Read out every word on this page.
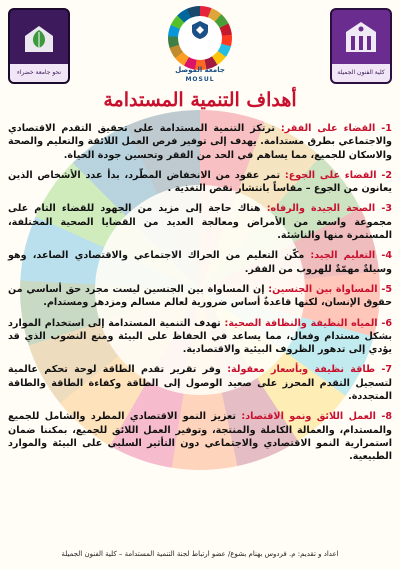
كلية الفنون الجميلة
جامعة الموصل
MOSUL
نحو جامعة خضراء
أهداف التنمية المستدامة

1- القضاء على الفقر: ترتكز التنمية المستدامة على تحقيق التقدم الاقتصادي والاجتماعي بطرق مستدامة. يهدف إلى توفير فرص العمل اللائقة والتعليم والصحة والاسكان للجميع، مما يساهم في الحد من الفقر وتحسين جودة الحياة.

2- القضاء على الجوع: تمر عقود من الانخفاض المطّرد، بدأ عدد الأشخاص الذين يعانون من الجوع – مقاساً بانتشار نقص التغذية .

3- الصحة الجيدة والرفاه: هناك حاجة إلى مزيد من الجهود للقضاء التام على مجموعة واسعة من الأمراض ومعالجة العديد من القضايا الصحية المختلفة، المستمرة منها والناشئة.

4- التعليم الجيد: مكّن التعليم من الحراك الاجتماعي والاقتصادي الصاعد، وهو وسيلةٌ مهمّةٌ للهروب من الفقر.

5- المساواة بين الجنسين: إن المساواة بين الجنسين ليست مجرد حق أساسي من حقوق الإنسان، لكنها قاعدةٌ أساس ضرورية لعالم مسالم ومزدهر ومستدام.

6- المياه النظيفة والنظافة الصحية: تهدف التنمية المستدامة إلى استخدام الموارد بشكل مستدام وفعال، مما يساعد في الحفاظ على البيئة ومنع النضوب الذي قد يؤدي إلى تدهور الظروف البيئية والاقتصادية.

7- طاقة نظيفة وبأسعار معقولة: وفر تقرير تقدم الطاقة لوحة تحكم عالمية لتسجيل التقدم المحرز على صعيد الوصول إلى الطاقة وكفاءة الطاقة والطاقة المتجددة.

8- العمل اللائق ونمو الاقتصاد: تعزيز النمو الاقتصادي المطرد والشامل للجميع والمستدام، والعمالة الكاملة والمنتجة، وتوفير العمل اللائق للجميع، بمكننا ضمان استمرارية النمو الاقتصادي والاجتماعي دون التأثير السلبي على البيئة والموارد الطبيعية.

اعداد و تقديم: م. فردوس بهنام بشوع/ عضو ارتباط لجنة التنمية المستدامة – كلية الفنون الجميلة
